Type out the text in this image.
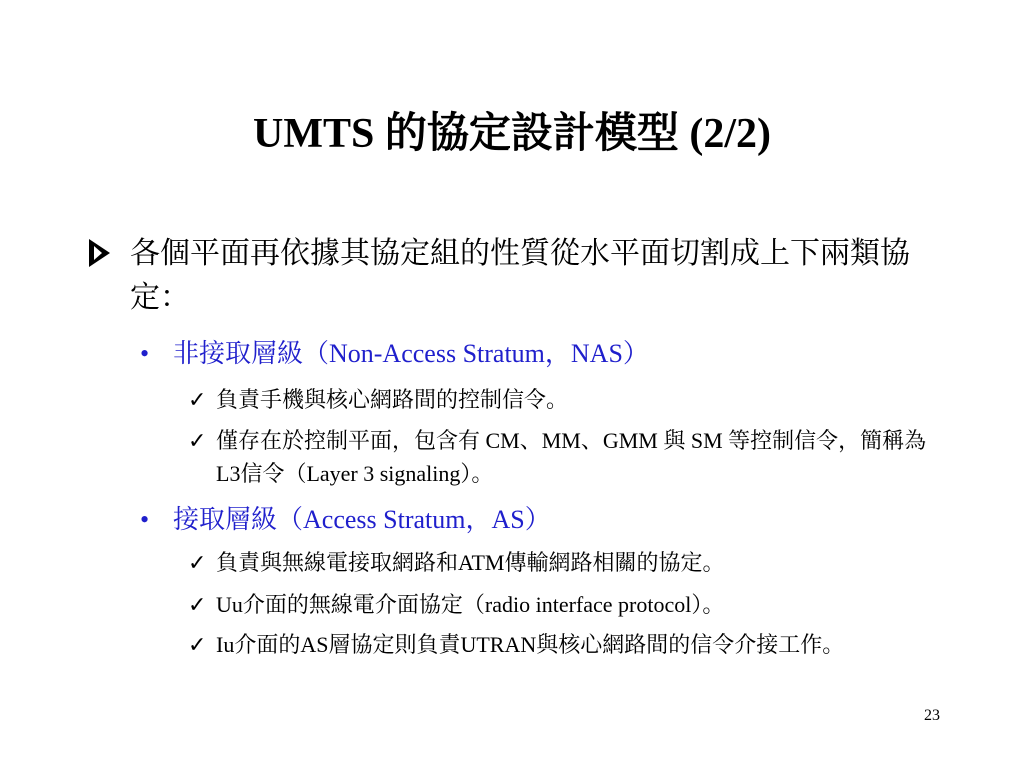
UMTS 的協定設計模型 (2/2)
各個平面再依據其協定組的性質從水平面切割成上下兩類協定：
• 非接取層級（Non-Access Stratum，NAS）
✓ 負責手機與核心網路間的控制信令。
✓ 僅存在於控制平面，包含有 CM、MM、GMM 與 SM 等控制信令，簡稱為L3信令（Layer 3 signaling）。
• 接取層級（Access Stratum，AS）
✓ 負責與無線電接取網路和ATM傳輸網路相關的協定。
✓ Uu介面的無線電介面協定（radio interface protocol）。
✓ Iu介面的AS層協定則負責UTRAN與核心網路間的信令介接工作。
23
